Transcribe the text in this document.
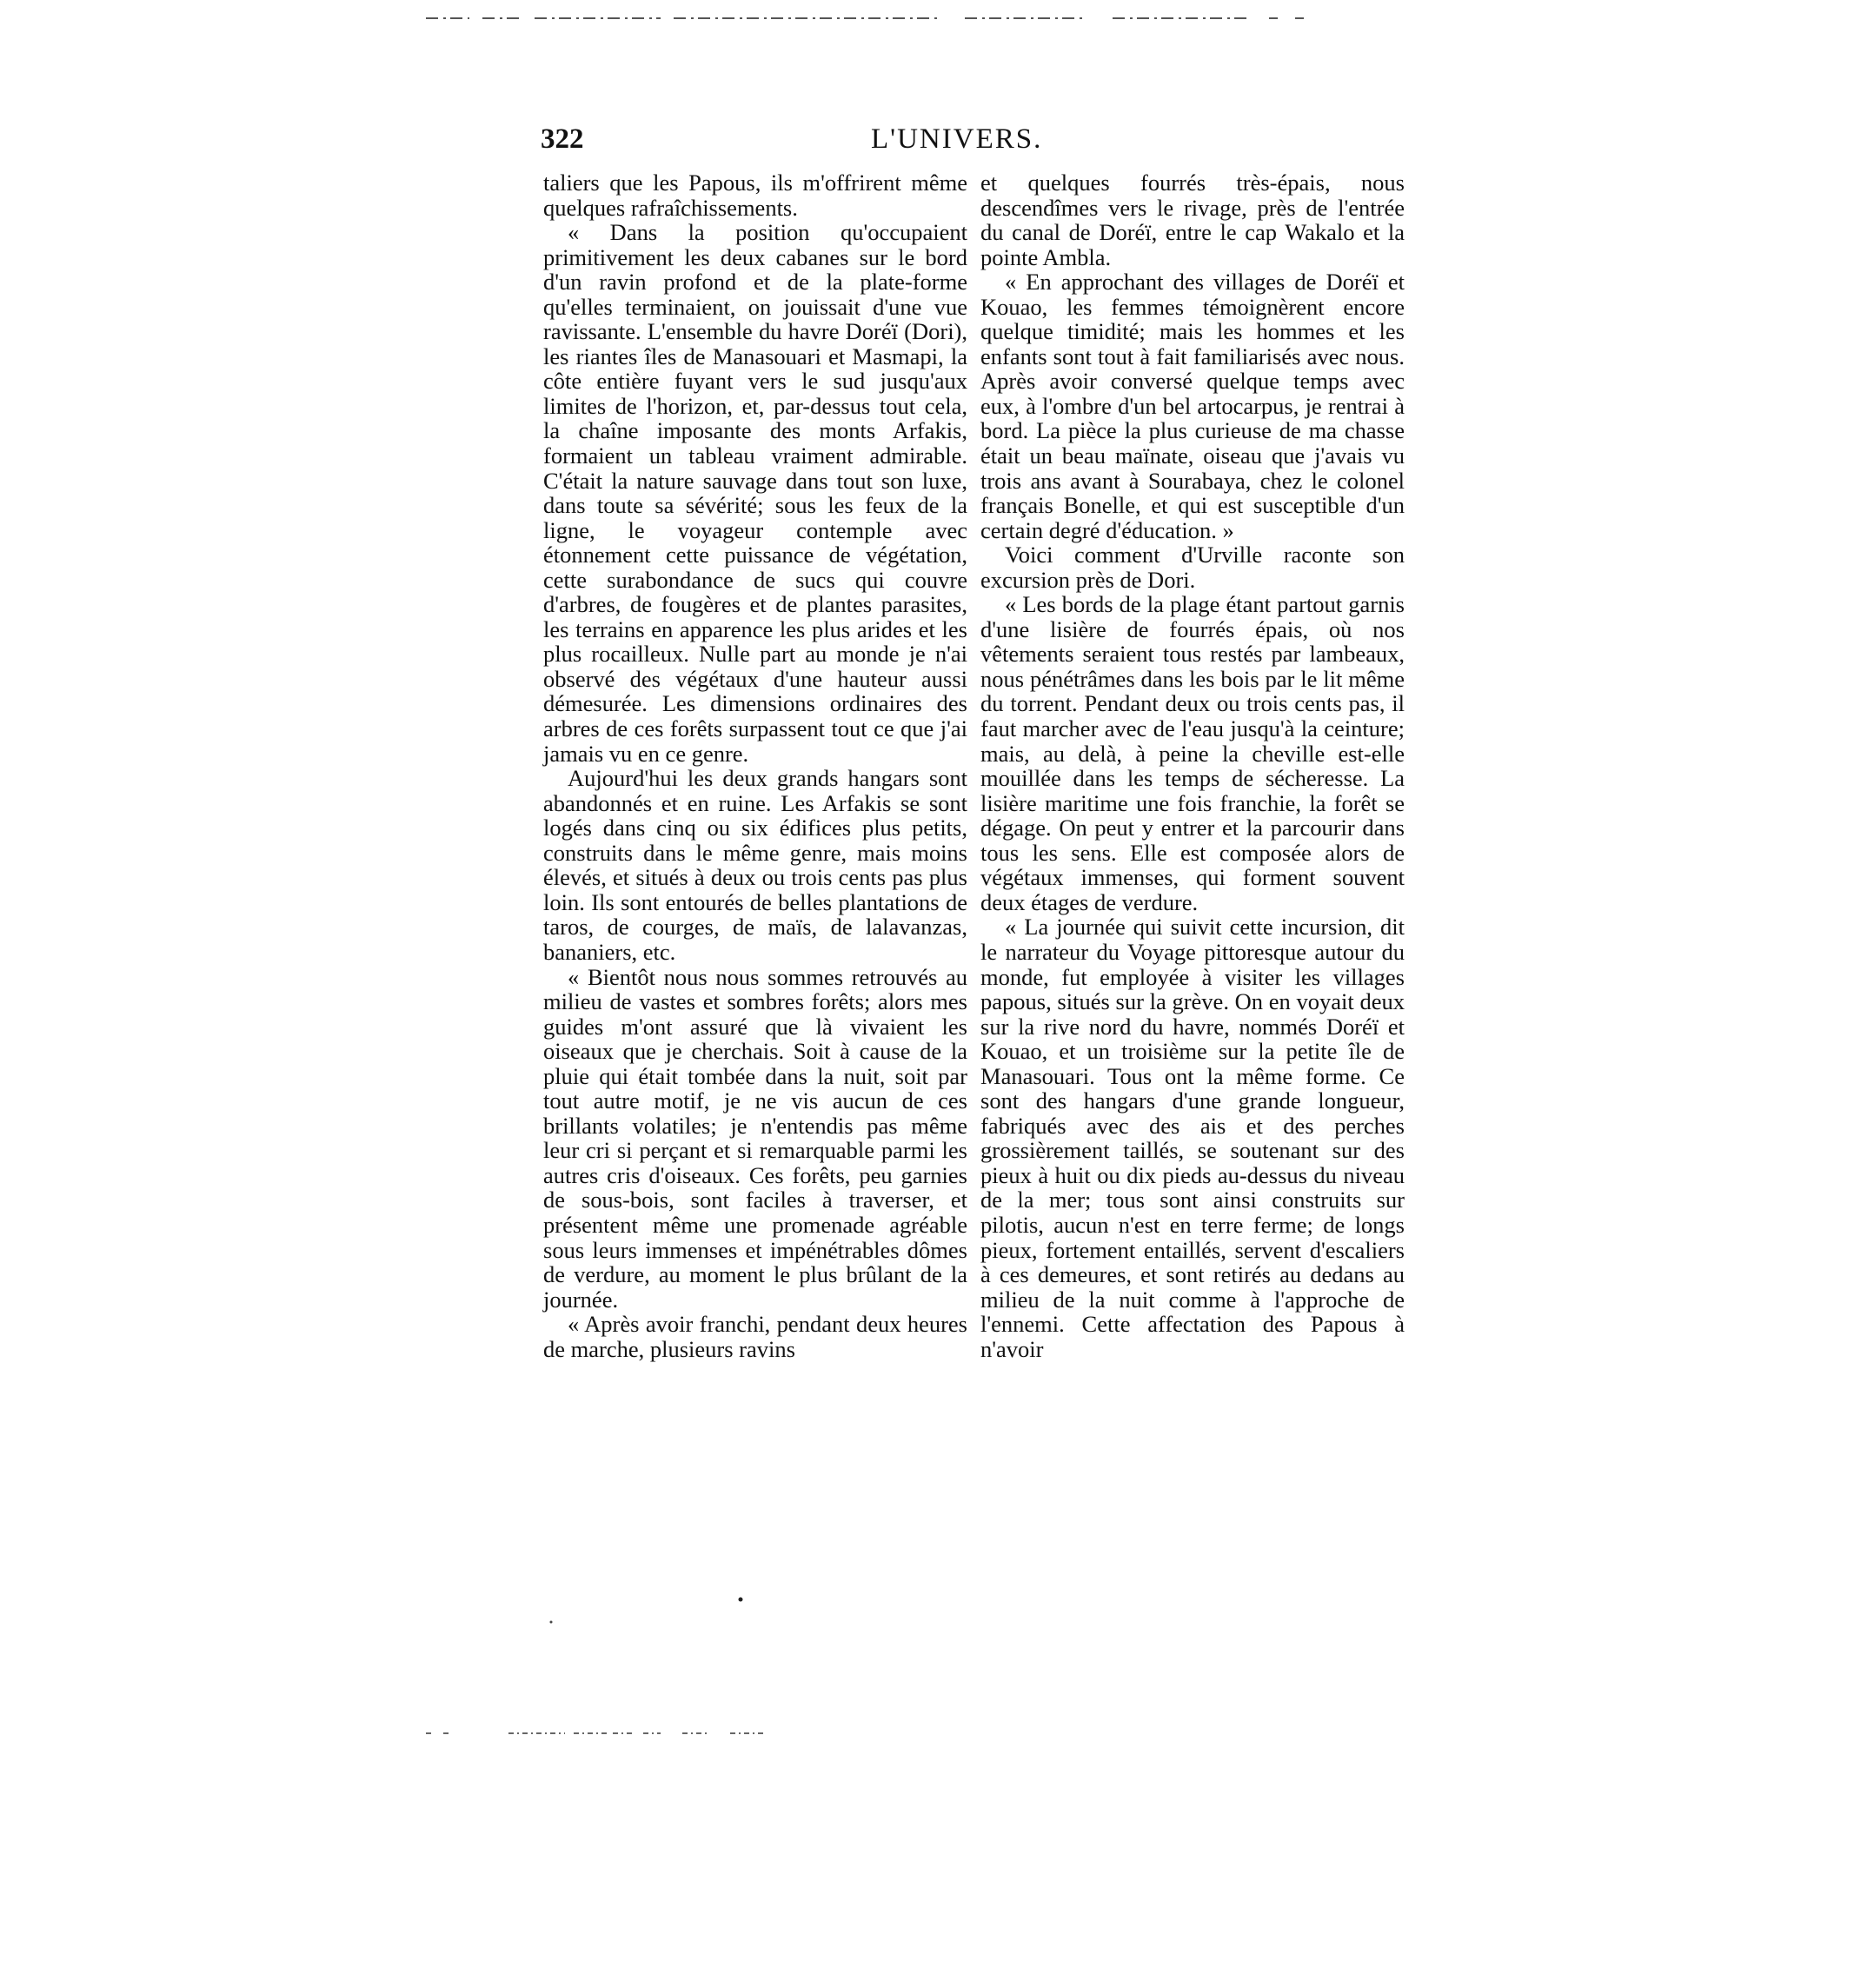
322	L'UNIVERS.

taliers que les Papous, ils m'offrirent même quelques rafraîchissements.

« Dans la position qu'occupaient primitivement les deux cabanes sur le bord d'un ravin profond et de la plate-forme qu'elles terminaient, on jouissait d'une vue ravissante. L'ensemble du havre Doréï (Dori), les riantes îles de Manasouari et Masmapi, la côte entière fuyant vers le sud jusqu'aux limites de l'horizon, et, par-dessus tout cela, la chaîne imposante des monts Arfakis, formaient un tableau vraiment admirable. C'était la nature sauvage dans tout son luxe, dans toute sa sévérité; sous les feux de la ligne, le voyageur contemple avec étonnement cette puissance de végétation, cette surabondance de sucs qui couvre d'arbres, de fougères et de plantes parasites, les terrains en apparence les plus arides et les plus rocailleux. Nulle part au monde je n'ai observé des végétaux d'une hauteur aussi démesurée. Les dimensions ordinaires des arbres de ces forêts surpassent tout ce que j'ai jamais vu en ce genre.

Aujourd'hui les deux grands hangars sont abandonnés et en ruine. Les Arfakis se sont logés dans cinq ou six édifices plus petits, construits dans le même genre, mais moins élevés, et situés à deux ou trois cents pas plus loin. Ils sont entourés de belles plantations de taros, de courges, de maïs, de lalavanzas, bananiers, etc.

« Bientôt nous nous sommes retrouvés au milieu de vastes et sombres forêts; alors mes guides m'ont assuré que là vivaient les oiseaux que je cherchais. Soit à cause de la pluie qui était tombée dans la nuit, soit par tout autre motif, je ne vis aucun de ces brillants volatiles; je n'entendis pas même leur cri si perçant et si remarquable parmi les autres cris d'oiseaux. Ces forêts, peu garnies de sous-bois, sont faciles à traverser, et présentent même une promenade agréable sous leurs immenses et impénétrables dômes de verdure, au moment le plus brûlant de la journée.

« Après avoir franchi, pendant deux heures de marche, plusieurs ravins

et quelques fourrés très-épais, nous descendîmes vers le rivage, près de l'entrée du canal de Doréï, entre le cap Wakalo et la pointe Ambla.

« En approchant des villages de Doréï et Kouao, les femmes témoignèrent encore quelque timidité; mais les hommes et les enfants sont tout à fait familiarisés avec nous. Après avoir conversé quelque temps avec eux, à l'ombre d'un bel artocarpus, je rentrai à bord. La pièce la plus curieuse de ma chasse était un beau maïnate, oiseau que j'avais vu trois ans avant à Sourabaya, chez le colonel français Bonelle, et qui est susceptible d'un certain degré d'éducation. »

Voici comment d'Urville raconte son excursion près de Dori.

« Les bords de la plage étant partout garnis d'une lisière de fourrés épais, où nos vêtements seraient tous restés par lambeaux, nous pénétrâmes dans les bois par le lit même du torrent. Pendant deux ou trois cents pas, il faut marcher avec de l'eau jusqu'à la ceinture; mais, au delà, à peine la cheville est-elle mouillée dans les temps de sécheresse. La lisière maritime une fois franchie, la forêt se dégage. On peut y entrer et la parcourir dans tous les sens. Elle est composée alors de végétaux immenses, qui forment souvent deux étages de verdure.

« La journée qui suivit cette incursion, dit le narrateur du Voyage pittoresque autour du monde, fut employée à visiter les villages papous, situés sur la grève. On en voyait deux sur la rive nord du havre, nommés Doréï et Kouao, et un troisième sur la petite île de Manasouari. Tous ont la même forme. Ce sont des hangars d'une grande longueur, fabriqués avec des ais et des perches grossièrement taillés, se soutenant sur des pieux à huit ou dix pieds au-dessus du niveau de la mer; tous sont ainsi construits sur pilotis, aucun n'est en terre ferme; de longs pieux, fortement entaillés, servent d'escaliers à ces demeures, et sont retirés au dedans au milieu de la nuit comme à l'approche de l'ennemi. Cette affectation des Papous à n'avoir
